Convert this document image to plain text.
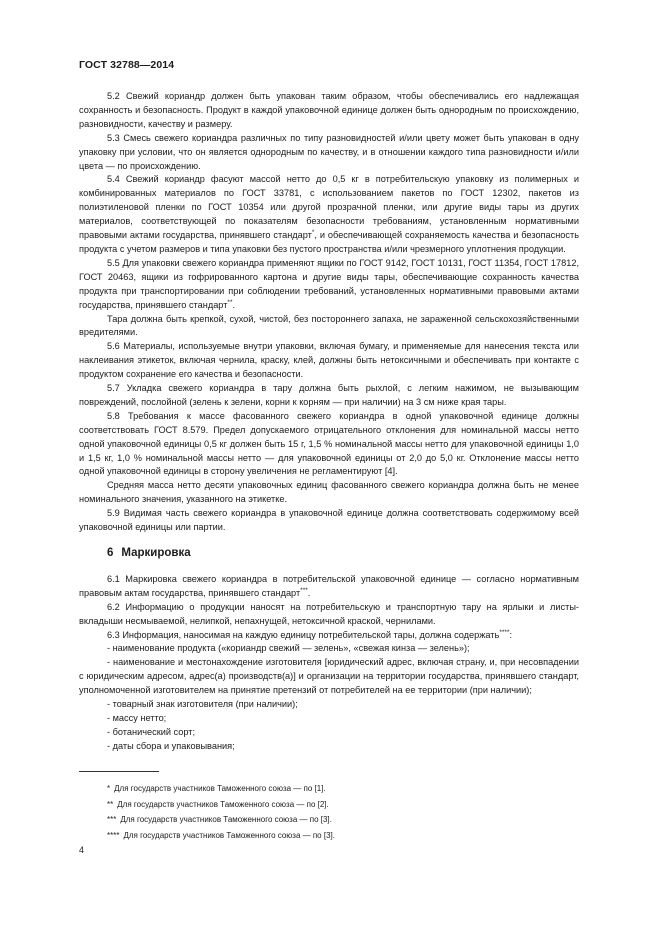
ГОСТ 32788—2014

5.2 Свежий кориандр должен быть упакован таким образом, чтобы обеспечивались его надлежащая сохранность и безопасность. Продукт в каждой упаковочной единице должен быть однородным по происхождению, разновидности, качеству и размеру.

5.3 Смесь свежего кориандра различных по типу разновидностей и/или цвету может быть упакован в одну упаковку при условии, что он является однородным по качеству, и в отношении каждого типа разновидности и/или цвета — по происхождению.

5.4 Свежий кориандр фасуют массой нетто до 0,5 кг в потребительскую упаковку из полимерных и комбинированных материалов по ГОСТ 33781, с использованием пакетов по ГОСТ 12302, пакетов из полиэтиленовой пленки по ГОСТ 10354 или другой прозрачной пленки, или другие виды тары из других материалов, соответствующей по показателям безопасности требованиям, установленным нормативными правовыми актами государства, принявшего стандарт*, и обеспечивающей сохраняемость качества и безопасность продукта с учетом размеров и типа упаковки без пустого пространства и/или чрезмерного уплотнения продукции.

5.5 Для упаковки свежего кориандра применяют ящики по ГОСТ 9142, ГОСТ 10131, ГОСТ 11354, ГОСТ 17812, ГОСТ 20463, ящики из гофрированного картона и другие виды тары, обеспечивающие сохранность качества продукта при транспортировании при соблюдении требований, установленных нормативными правовыми актами государства, принявшего стандарт**.

Тара должна быть крепкой, сухой, чистой, без постороннего запаха, не зараженной сельскохозяйственными вредителями.

5.6 Материалы, используемые внутри упаковки, включая бумагу, и применяемые для нанесения текста или наклеивания этикеток, включая чернила, краску, клей, должны быть нетоксичными и обеспечивать при контакте с продуктом сохранение его качества и безопасности.

5.7 Укладка свежего кориандра в тару должна быть рыхлой, с легким нажимом, не вызывающим повреждений, послойной (зелень к зелени, корни к корням — при наличии) на 3 см ниже края тары.

5.8 Требования к массе фасованного свежего кориандра в одной упаковочной единице должны соответствовать ГОСТ 8.579. Предел допускаемого отрицательного отклонения для номинальной массы нетто одной упаковочной единицы 0,5 кг должен быть 15 г, 1,5 % номинальной массы нетто для упаковочной единицы 1,0 и 1,5 кг, 1,0 % номинальной массы нетто — для упаковочной единицы от 2,0 до 5,0 кг. Отклонение массы нетто одной упаковочной единицы в сторону увеличения не регламентируют [4].

Средняя масса нетто десяти упаковочных единиц фасованного свежего кориандра должна быть не менее номинального значения, указанного на этикетке.

5.9 Видимая часть свежего кориандра в упаковочной единице должна соответствовать содержимому всей упаковочной единицы или партии.

6 Маркировка

6.1 Маркировка свежего кориандра в потребительской упаковочной единице — согласно нормативным правовым актам государства, принявшего стандарт***.

6.2 Информацию о продукции наносят на потребительскую и транспортную тару на ярлыки и листы-вкладыши несмываемой, нелипкой, непахнущей, нетоксичной краской, чернилами.

6.3 Информация, наносимая на каждую единицу потребительской тары, должна содержать****:

- наименование продукта («кориандр свежий — зелень», «свежая кинза — зелень»);

- наименование и местонахождение изготовителя [юридический адрес, включая страну, и, при несовпадении с юридическим адресом, адрес(а) производств(а)] и организации на территории государства, принявшего стандарт, уполномоченной изготовителем на принятие претензий от потребителей на ее территории (при наличии);

- товарный знак изготовителя (при наличии);

- массу нетто;

- ботанический сорт;

- даты сбора и упаковывания;

* Для государств участников Таможенного союза — по [1].
** Для государств участников Таможенного союза — по [2].
*** Для государств участников Таможенного союза — по [3].
**** Для государств участников Таможенного союза — по [3].
4
